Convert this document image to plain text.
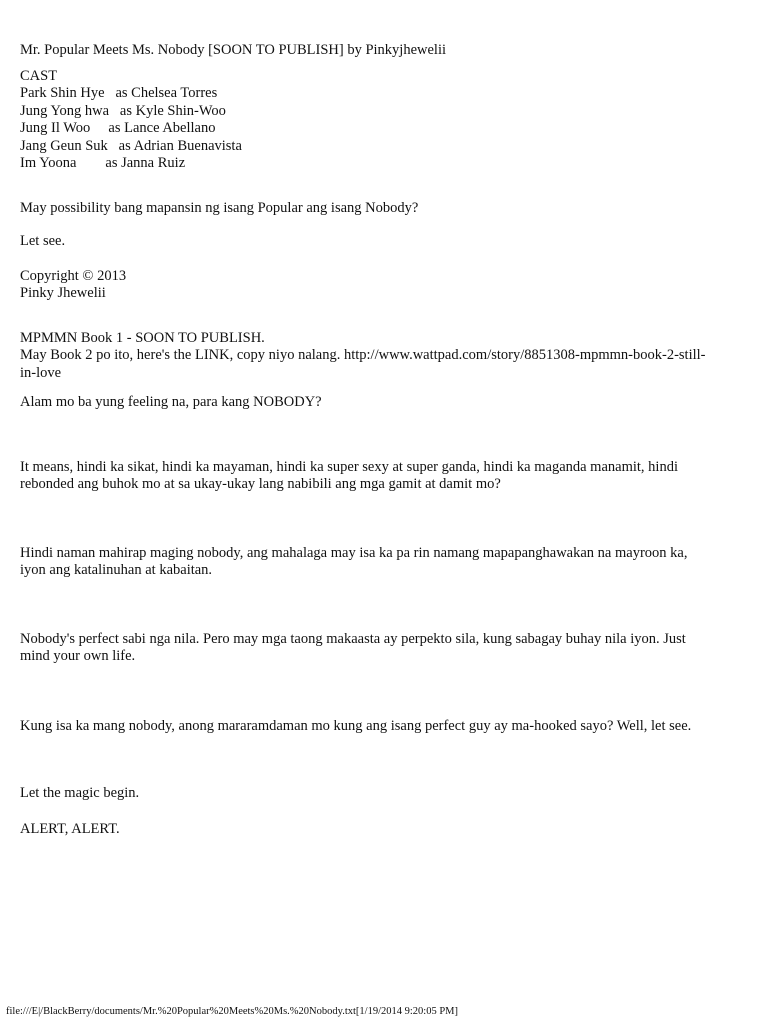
Mr. Popular Meets Ms. Nobody [SOON TO PUBLISH] by Pinkyjhewelii
CAST
Park Shin Hye   as Chelsea Torres
Jung Yong hwa   as Kyle Shin-Woo
Jung Il Woo     as Lance Abellano
Jang Geun Suk   as Adrian Buenavista
Im Yoona        as Janna Ruiz
May possibility bang mapansin ng isang Popular ang isang Nobody?
Let see.
Copyright © 2013
Pinky Jhewelii
MPMMN Book 1 - SOON TO PUBLISH.
May Book 2 po ito, here's the LINK, copy niyo nalang. http://www.wattpad.com/story/8851308-mpmmn-book-2-still-
in-love
Alam mo ba yung feeling na, para kang NOBODY?
It means, hindi ka sikat, hindi ka mayaman, hindi ka super sexy at super ganda, hindi ka maganda manamit, hindi
rebonded ang buhok mo at sa ukay-ukay lang nabibili ang mga gamit at damit mo?
Hindi naman mahirap maging nobody, ang mahalaga may isa ka pa rin namang mapapanghawakan na mayroon ka,
iyon ang katalinuhan at kabaitan.
Nobody's perfect sabi nga nila. Pero may mga taong makaasta ay perpekto sila, kung sabagay buhay nila iyon. Just
mind your own life.
Kung isa ka mang nobody, anong mararamdaman mo kung ang isang perfect guy ay ma-hooked sayo? Well, let see.
Let the magic begin.
ALERT, ALERT.
file:///E|/BlackBerry/documents/Mr.%20Popular%20Meets%20Ms.%20Nobody.txt[1/19/2014 9:20:05 PM]
